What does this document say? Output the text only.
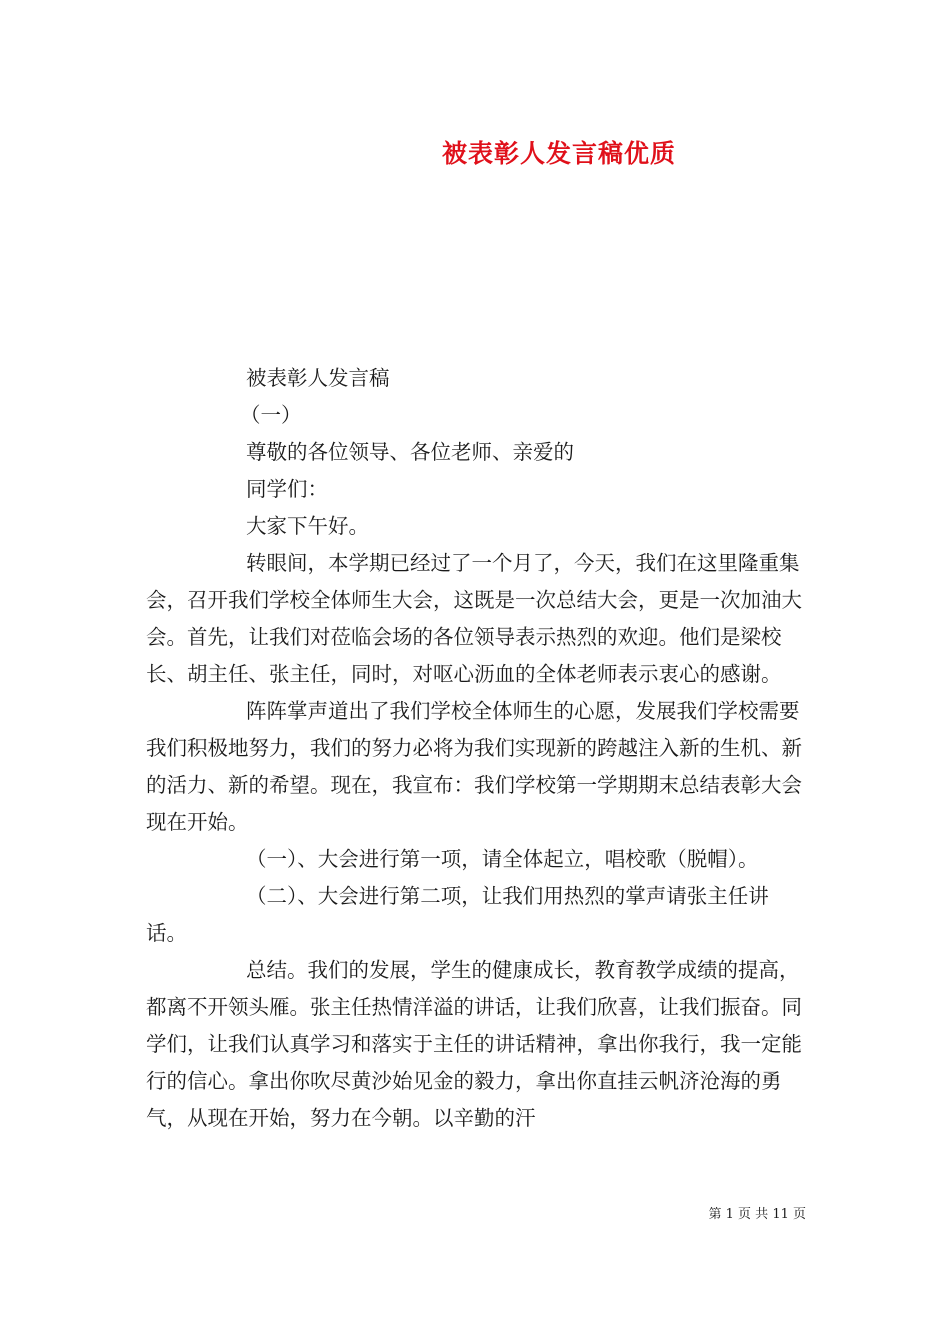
被表彰人发言稿优质

被表彰人发言稿

（一）

尊敬的各位领导、各位老师、亲爱的

同学们：

大家下午好。

转眼间，本学期已经过了一个月了，今天，我们在这里隆重集会，召开我们学校全体师生大会，这既是一次总结大会，更是一次加油大会。首先，让我们对莅临会场的各位领导表示热烈的欢迎。他们是梁校长、胡主任、张主任，同时，对呕心沥血的全体老师表示衷心的感谢。

阵阵掌声道出了我们学校全体师生的心愿，发展我们学校需要我们积极地努力，我们的努力必将为我们实现新的跨越注入新的生机、新的活力、新的希望。现在，我宣布：我们学校第一学期期末总结表彰大会现在开始。

（一）、大会进行第一项，请全体起立，唱校歌（脱帽）。

（二）、大会进行第二项，让我们用热烈的掌声请张主任讲话。

总结。我们的发展，学生的健康成长，教育教学成绩的提高，都离不开领头雁。张主任热情洋溢的讲话，让我们欣喜，让我们振奋。同学们，让我们认真学习和落实于主任的讲话精神，拿出你我行，我一定能行的信心。拿出你吹尽黄沙始见金的毅力，拿出你直挂云帆济沧海的勇气，从现在开始，努力在今朝。以辛勤的汗

第 1 页 共 11 页
